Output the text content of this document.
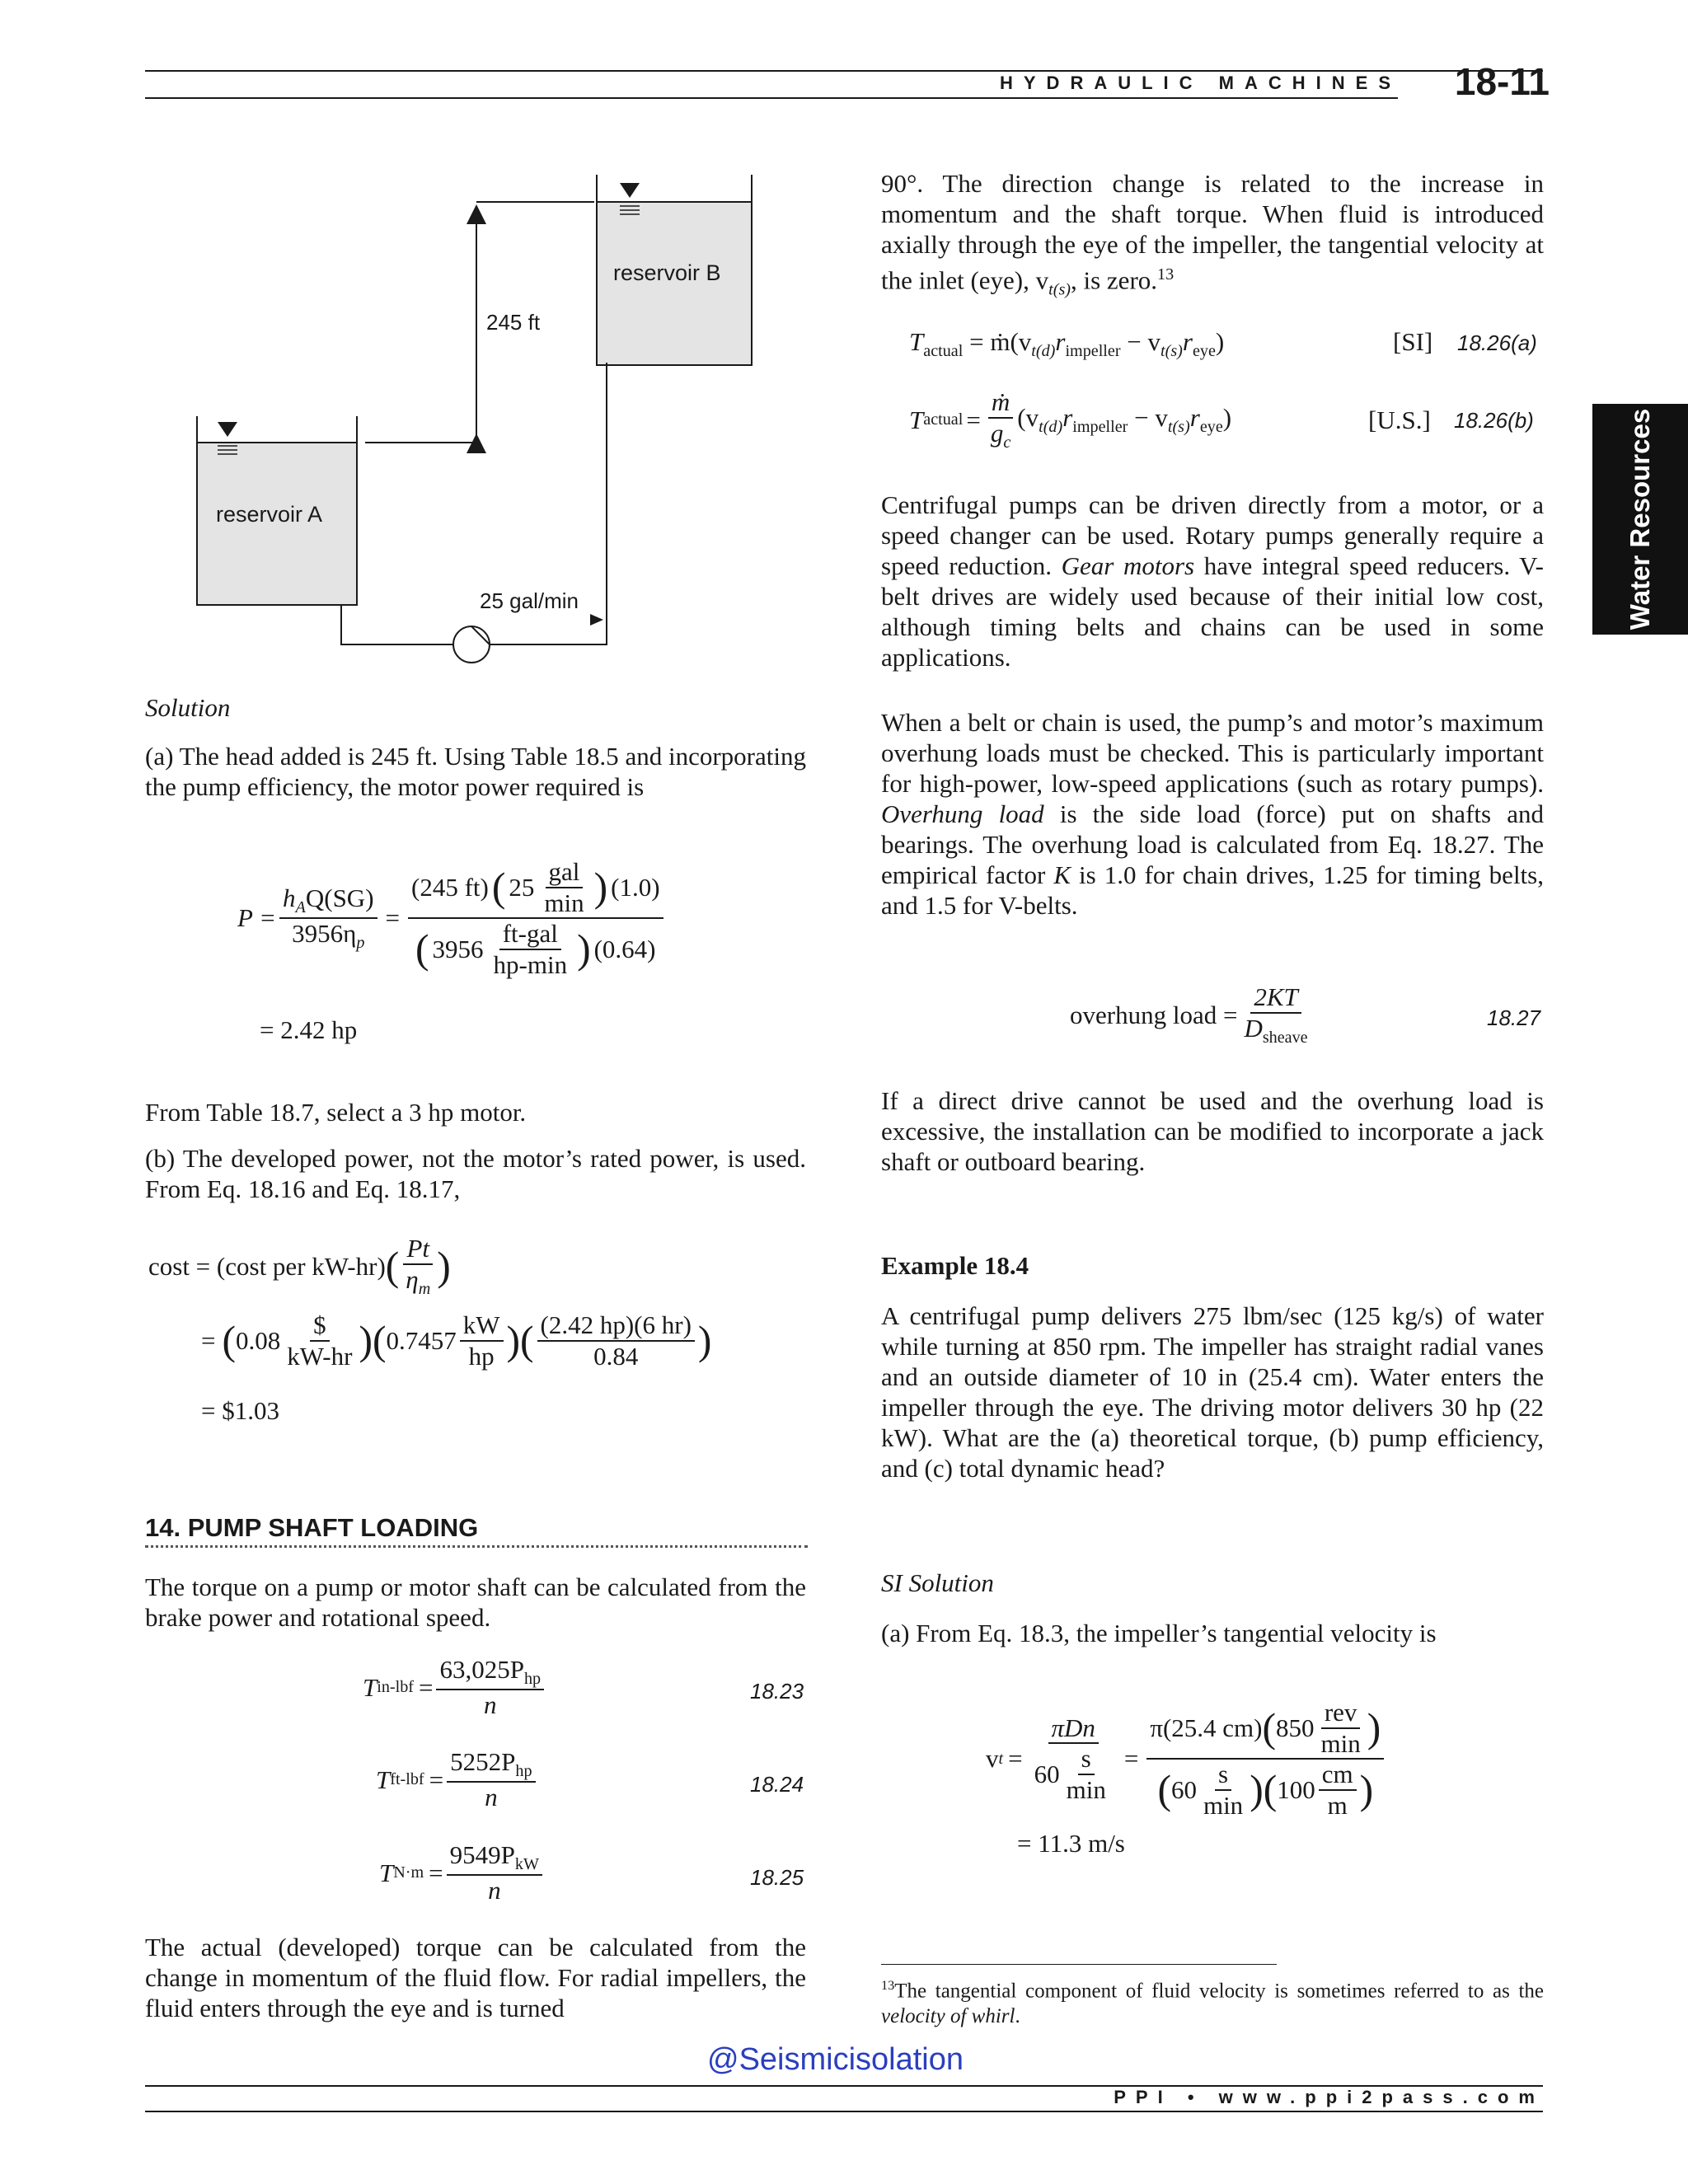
HYDRAULIC MACHINES	18-11
Water Resources
reservoir B
reservoir A
245 ft
25 gal/min
Solution
(a) The head added is 245 ft. Using Table 18.5 and incorporating the pump efficiency, the motor power required is
$P = \frac{h_AQ(SG)}{3956\eta_p} = \frac{(245 ft) ( 25 \frac{\text{gal}}{\min} ) (1.0)}{( 3956 \frac{\text{ft-gal}}{hp-\min} ) (0.64)}$
= 2.42 hp
From Table 18.7, select a 3 hp motor.
(b) The developed power, not the motor’s rated power, is used. From Eq. 18.16 and Eq. 18.17,
cost = (cost per kW-hr) ( $\frac{Pt}{\eta_m}$ )
= ( $0.08 \frac{\$}{kW-hr}$ ) ( $0.7457 \frac{kW}{hp}$ ) ( $\frac{(2.42 hp)(6 hr)}{0.84}$ )
= $1.03
14. PUMP SHAFT LOADING
The torque on a pump or motor shaft can be calculated from the brake power and rotational speed.
T $in-lbf = \frac{63,025P_{hp}}{n}$	18.23
T $ft-lbf = \frac{5252P_{hp}}{n}$	18.24
T $N\cdot m = \frac{9549P_{kW}}{n}$	18.25
The actual (developed) torque can be calculated from the change in momentum of the fluid flow. For radial impellers, the fluid enters through the eye and is turned
90°. The direction change is related to the increase in momentum and the shaft torque. When fluid is introduced axially through the eye of the impeller, the tangential velocity at the inlet (eye), $v_{t(s)}$, is zero.$^{13}$
$T_{actual}$ = $ṁ(v_{t(d)}r_{impeller} - v_{t(s)}r_{eye})$	[SI] 18.26(a)
T actual = $\frac{\text{ṁ}}{g_c} (v_{t(d)}r_{impeller} - v_{t(s)}r_{eye})$	[U.S.] 18.26(b)
Centrifugal pumps can be driven directly from a motor, or a speed changer can be used. Rotary pumps generally require a speed reduction. Gear motors have integral speed reducers. V-belt drives are widely used because of their initial low cost, although timing belts and chains can be used in some applications.
When a belt or chain is used, the pump’s and motor’s maximum overhung loads must be checked. This is particularly important for high-power, low-speed applications (such as rotary pumps). Overhung load is the side load (force) put on shafts and bearings. The overhung load is calculated from Eq. 18.27. The empirical factor K is 1.0 for chain drives, 1.25 for timing belts, and 1.5 for V-belts.
overhung load = $\frac{2KT}{D_{sheave}}$	18.27
If a direct drive cannot be used and the overhung load is excessive, the installation can be modified to incorporate a jack shaft or outboard bearing.
Example 18.4
A centrifugal pump delivers 275 lbm/sec (125 kg/s) of water while turning at 850 rpm. The impeller has straight radial vanes and an outside diameter of 10 in (25.4 cm). Water enters the impeller through the eye. The driving motor delivers 30 hp (22 kW). What are the (a) theoretical torque, (b) pump efficiency, and (c) total dynamic head?
SI Solution
(a) From Eq. 18.3, the impeller’s tangential velocity is
v $t = \frac{\text{πDn}}{60 \frac{s}{\min}} = \frac{\pi(25.4 cm) ( 850 \frac{\text{rev}}{\min} )}{( 60 \frac{s}{\min} ) ( 100 \frac{cm}{m} )}$
= 11.3 m/s
$^{13}$The tangential component of fluid velocity is sometimes referred to as the velocity of whirl.
@Seismicisolation
PPI • www.ppi2pass.com
